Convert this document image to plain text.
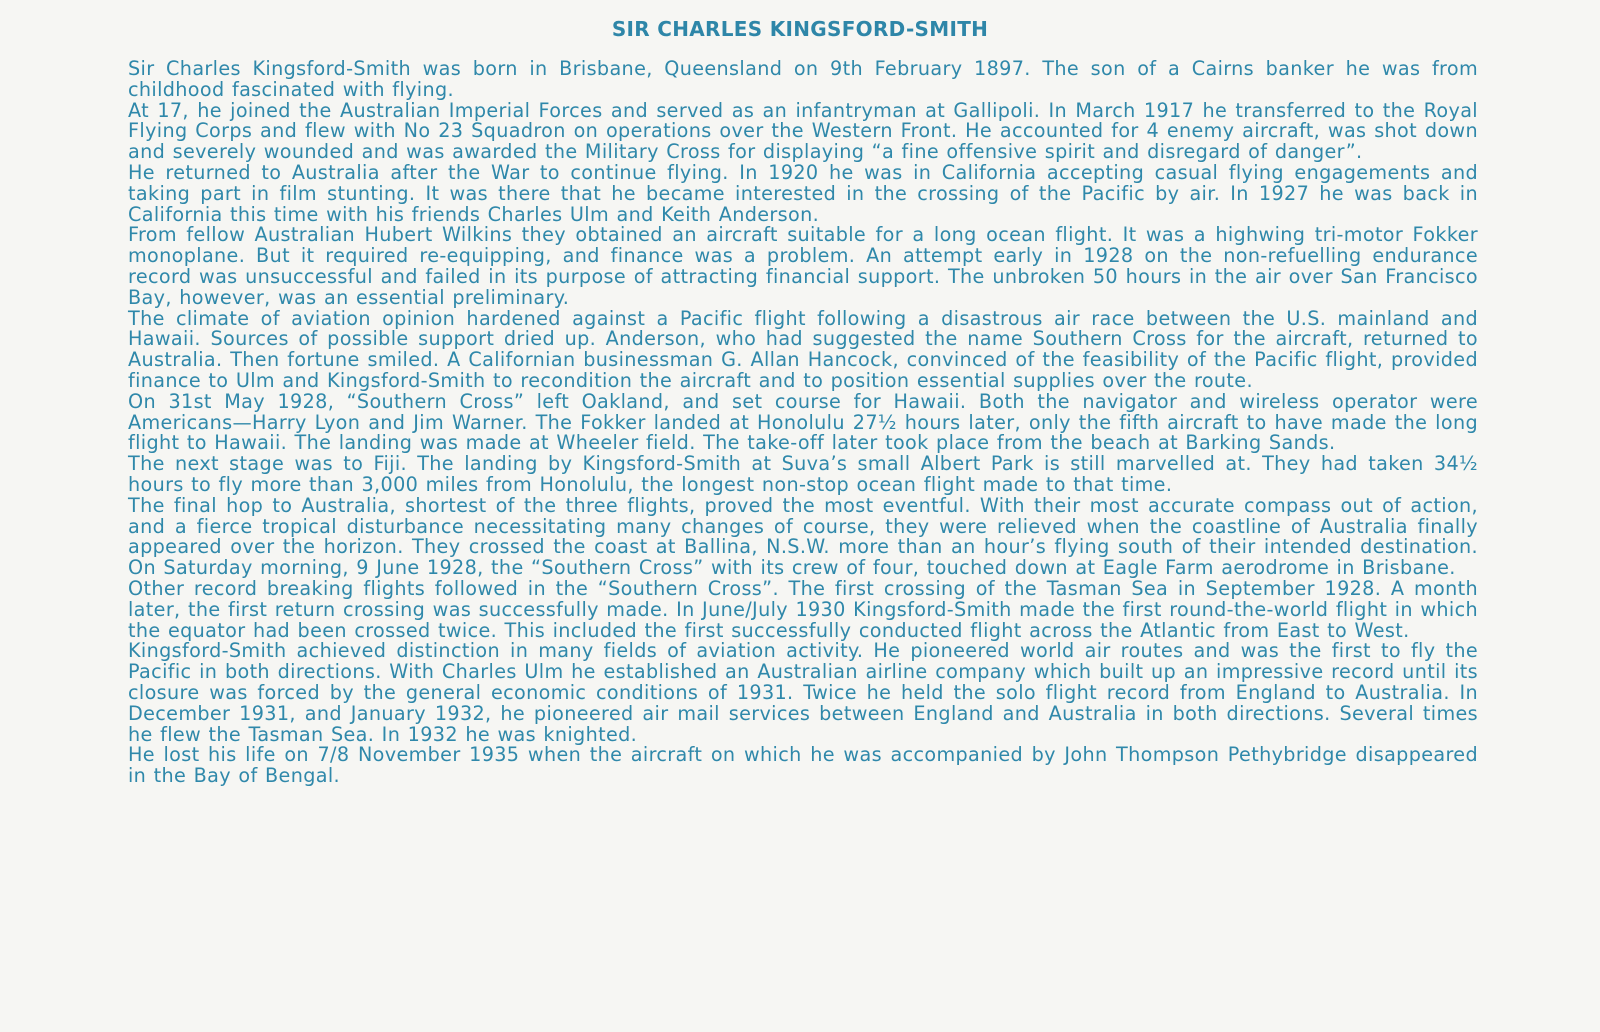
SIR CHARLES KINGSFORD-SMITH

Sir Charles Kingsford-Smith was born in Brisbane, Queensland on 9th February 1897. The son of a Cairns banker he was from childhood fascinated with flying.

At 17, he joined the Australian Imperial Forces and served as an infantryman at Gallipoli. In March 1917 he transferred to the Royal Flying Corps and flew with No 23 Squadron on operations over the Western Front. He accounted for 4 enemy aircraft, was shot down and severely wounded and was awarded the Military Cross for displaying “a fine offensive spirit and disregard of danger”.

He returned to Australia after the War to continue flying. In 1920 he was in California accepting casual flying engagements and taking part in film stunting. It was there that he became interested in the crossing of the Pacific by air. In 1927 he was back in California this time with his friends Charles Ulm and Keith Anderson.

From fellow Australian Hubert Wilkins they obtained an aircraft suitable for a long ocean flight. It was a highwing tri-motor Fokker monoplane. But it required re-equipping, and finance was a problem. An attempt early in 1928 on the non-refuelling endurance record was unsuccessful and failed in its purpose of attracting financial support. The unbroken 50 hours in the air over San Francisco Bay, however, was an essential preliminary.

The climate of aviation opinion hardened against a Pacific flight following a disastrous air race between the U.S. mainland and Hawaii. Sources of possible support dried up. Anderson, who had suggested the name Southern Cross for the aircraft, returned to Australia. Then fortune smiled. A Californian businessman G. Allan Hancock, convinced of the feasibility of the Pacific flight, provided finance to Ulm and Kingsford-Smith to recondition the aircraft and to position essential supplies over the route.

On 31st May 1928, “Southern Cross” left Oakland, and set course for Hawaii. Both the navigator and wireless operator were Americans—Harry Lyon and Jim Warner. The Fokker landed at Honolulu 27½ hours later, only the fifth aircraft to have made the long flight to Hawaii. The landing was made at Wheeler field. The take-off later took place from the beach at Barking Sands.

The next stage was to Fiji. The landing by Kingsford-Smith at Suva’s small Albert Park is still marvelled at. They had taken 34½ hours to fly more than 3,000 miles from Honolulu, the longest non-stop ocean flight made to that time.

The final hop to Australia, shortest of the three flights, proved the most eventful. With their most accurate compass out of action, and a fierce tropical disturbance necessitating many changes of course, they were relieved when the coastline of Australia finally appeared over the horizon. They crossed the coast at Ballina, N.S.W. more than an hour’s flying south of their intended destination. On Saturday morning, 9 June 1928, the “Southern Cross” with its crew of four, touched down at Eagle Farm aerodrome in Brisbane.

Other record breaking flights followed in the “Southern Cross”. The first crossing of the Tasman Sea in September 1928. A month later, the first return crossing was successfully made. In June/July 1930 Kingsford-Smith made the first round-the-world flight in which the equator had been crossed twice. This included the first successfully conducted flight across the Atlantic from East to West.

Kingsford-Smith achieved distinction in many fields of aviation activity. He pioneered world air routes and was the first to fly the Pacific in both directions. With Charles Ulm he established an Australian airline company which built up an impressive record until its closure was forced by the general economic conditions of 1931. Twice he held the solo flight record from England to Australia. In December 1931, and January 1932, he pioneered air mail services between England and Australia in both directions. Several times he flew the Tasman Sea. In 1932 he was knighted.

He lost his life on 7/8 November 1935 when the aircraft on which he was accompanied by John Thompson Pethybridge disappeared in the Bay of Bengal.
